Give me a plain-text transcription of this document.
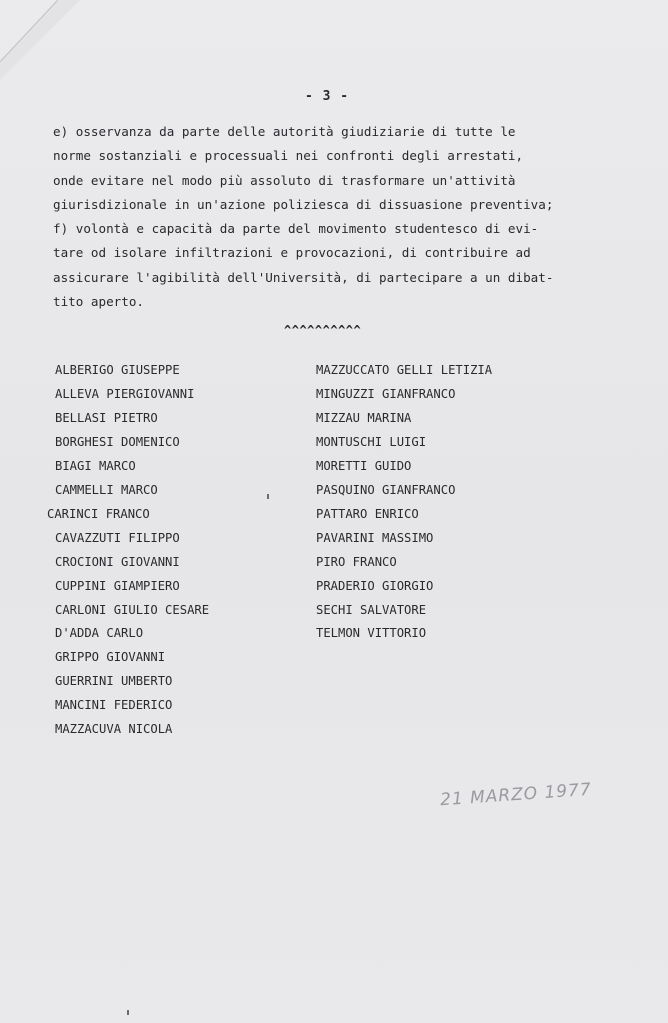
- 3 -
e) osservanza da parte delle autorità giudiziarie di tutte le
norme sostanziali e processuali nei confronti degli arrestati,
onde evitare nel modo più assoluto di trasformare un'attività
giurisdizionale in un'azione poliziesca di dissuasione preventiva;
f) volontà e capacità da parte del movimento studentesco di evi-
tare od isolare infiltrazioni e provocazioni, di contribuire ad
assicurare l'agibilità dell'Università, di partecipare a un dibat-
tito aperto.
^^^^^^^^^^
ALBERIGO GIUSEPPE
ALLEVA PIERGIOVANNI
BELLASI PIETRO
BORGHESI DOMENICO
BIAGI MARCO
CAMMELLI MARCO
CARINCI FRANCO
CAVAZZUTI FILIPPO
CROCIONI GIOVANNI
CUPPINI GIAMPIERO
CARLONI GIULIO CESARE
D'ADDA CARLO
GRIPPO GIOVANNI
GUERRINI UMBERTO
MANCINI FEDERICO
MAZZACUVA NICOLA
MAZZUCCATO GELLI LETIZIA
MINGUZZI GIANFRANCO
MIZZAU MARINA
MONTUSCHI LUIGI
MORETTI GUIDO
PASQUINO GIANFRANCO
PATTARO ENRICO
PAVARINI MASSIMO
PIRO FRANCO
PRADERIO GIORGIO
SECHI SALVATORE
TELMON VITTORIO
21 MARZO 1977
